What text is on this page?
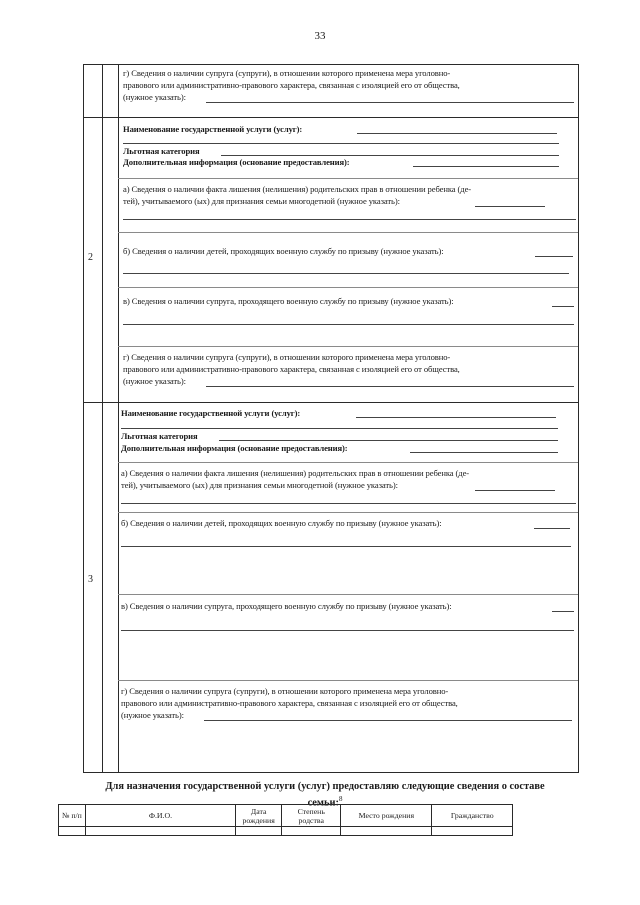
33
г) Сведения о наличии супруга (супруги), в отношении которого применена мера уголовно-
правового или административно-правового характера, связанная с изоляцией его от общества,
(нужное указать):
2
Наименование государственной услуги (услуг):
Льготная категория
Дополнительная информация (основание предоставления):
а) Сведения о наличии факта лишения (нелишения) родительских прав в отношении ребенка (де-
тей), учитываемого (ых) для признания семьи многодетной (нужное указать):
б) Сведения о наличии детей, проходящих военную службу по призыву (нужное указать):
в) Сведения о наличии супруга, проходящего военную службу по призыву (нужное указать):
г) Сведения о наличии супруга (супруги), в отношении которого применена мера уголовно-
правового или административно-правового характера, связанная с изоляцией его от общества,
(нужное указать):
3
Наименование государственной услуги (услуг):
Льготная категория
Дополнительная информация (основание предоставления):
а) Сведения о наличии факта лишения (нелишения) родительских прав в отношении ребенка (де-
тей), учитываемого (ых) для признания семьи многодетной (нужное указать):
б) Сведения о наличии детей, проходящих военную службу по призыву (нужное указать):
в) Сведения о наличии супруга, проходящего военную службу по призыву (нужное указать):
г) Сведения о наличии супруга (супруги), в отношении которого применена мера уголовно-
правового или административно-правового характера, связанная с изоляцией его от общества,
(нужное указать):
Для назначения государственной услуги (услуг) предоставляю следующие сведения о составе
семьи:$^8$
№ п/п	Ф.И.О.	Дата рождения	Степень родства	Место рождения	Гражданство
